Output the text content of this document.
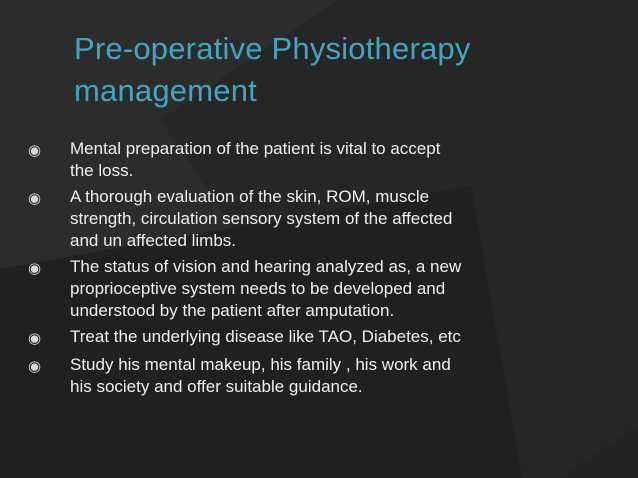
Pre-operative Physiotherapy
management
◉	Mental preparation of the patient is vital to accept
the loss.
◉	A thorough evaluation of the skin, ROM, muscle
strength, circulation sensory system of the affected
and un affected limbs.
◉	The status of vision and hearing analyzed as, a new
proprioceptive system needs to be developed and
understood by the patient after amputation.
◉	Treat the underlying disease like TAO, Diabetes, etc
◉	Study his mental makeup, his family , his work and
his society and offer suitable guidance.
